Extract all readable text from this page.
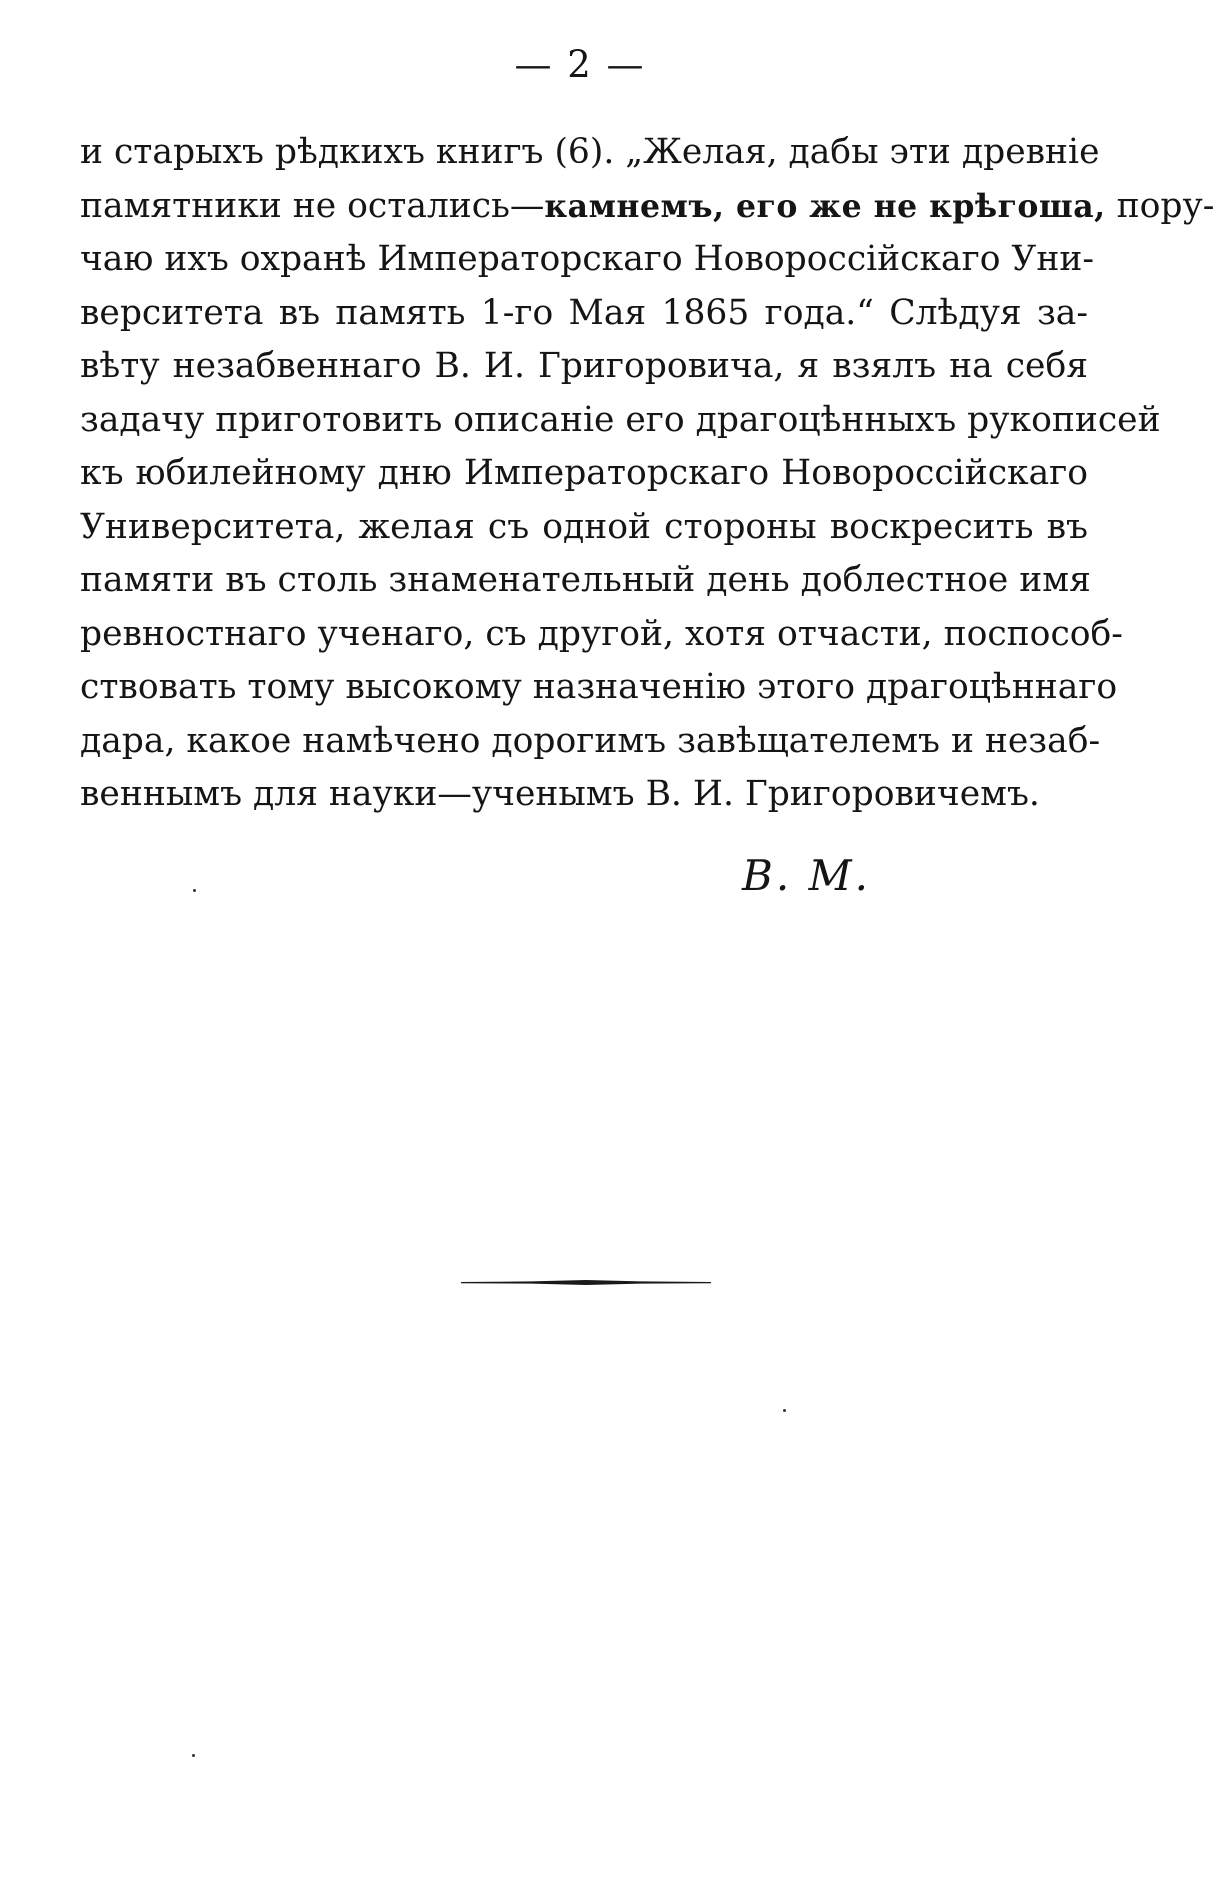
— 2 —
и старыхъ рѣдкихъ книгъ (6). „Желая, дабы эти древніе
памятники не остались—камнемъ, его же не крѣгоша, пору-
чаю ихъ охранѣ Императорскаго Новороссійскаго Уни-
верситета въ память 1-го Мая 1865 года.“ Слѣдуя за-
вѣту незабвеннаго В. И. Григоровича, я взялъ на себя
задачу приготовить описаніе его драгоцѣнныхъ рукописей
къ юбилейному дню Императорскаго Новороссійскаго
Университета, желая съ одной стороны воскресить въ
памяти въ столь знаменательный день доблестное имя
ревностнаго ученаго, съ другой, хотя отчасти, поспособ-
ствовать тому высокому назначенію этого драгоцѣннаго
дара, какое намѣчено дорогимъ завѣщателемъ и незаб-
веннымъ для науки—ученымъ В. И. Григоровичемъ.
В. М.
